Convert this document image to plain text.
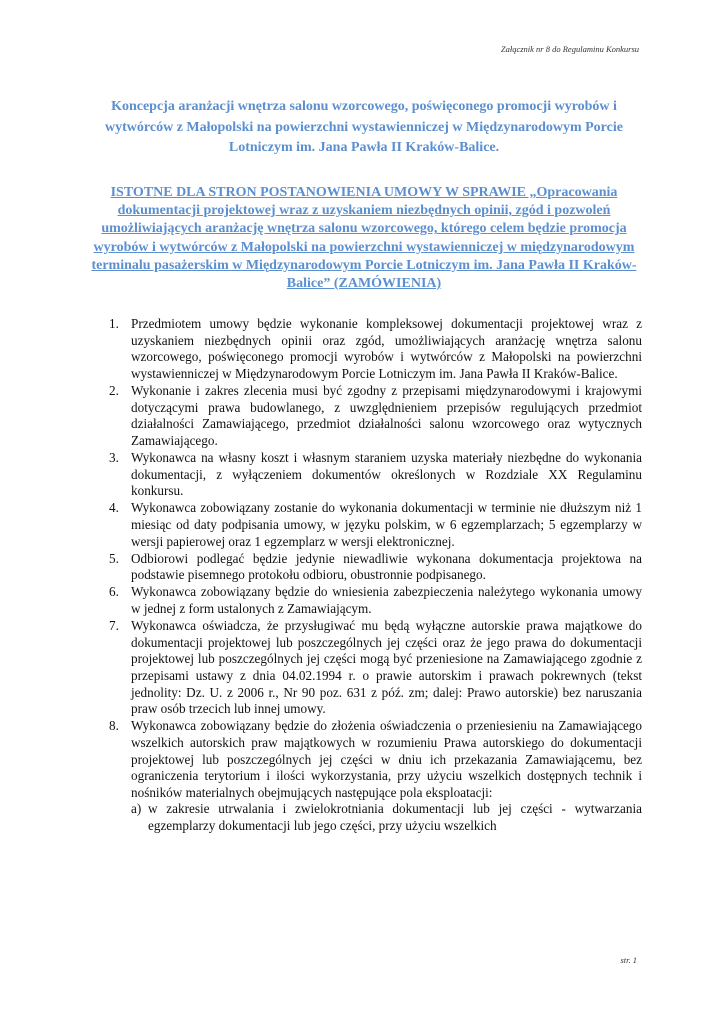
Załącznik nr 8 do Regulaminu Konkursu
Koncepcja aranżacji wnętrza salonu wzorcowego, poświęconego promocji wyrobów i wytwórców z Małopolski na powierzchni wystawienniczej w Międzynarodowym Porcie Lotniczym im. Jana Pawła II Kraków-Balice.
ISTOTNE DLA STRON POSTANOWIENIA UMOWY W SPRAWIE „Opracowania dokumentacji projektowej wraz z uzyskaniem niezbędnych opinii, zgód i pozwoleń umożliwiających aranżację wnętrza salonu wzorcowego, którego celem będzie promocja wyrobów i wytwórców z Małopolski na powierzchni wystawienniczej w międzynarodowym terminalu pasażerskim w Międzynarodowym Porcie Lotniczym im. Jana Pawła II Kraków-Balice” (ZAMÓWIENIA)
1. Przedmiotem umowy będzie wykonanie kompleksowej dokumentacji projektowej wraz z uzyskaniem niezbędnych opinii oraz zgód, umożliwiających aranżację wnętrza salonu wzorcowego, poświęconego promocji wyrobów i wytwórców z Małopolski na powierzchni wystawienniczej w Międzynarodowym Porcie Lotniczym im. Jana Pawła II Kraków-Balice.
2. Wykonanie i zakres zlecenia musi być zgodny z przepisami międzynarodowymi i krajowymi dotyczącymi prawa budowlanego, z uwzględnieniem przepisów regulujących przedmiot działalności Zamawiającego, przedmiot działalności salonu wzorcowego oraz wytycznych Zamawiającego.
3. Wykonawca na własny koszt i własnym staraniem uzyska materiały niezbędne do wykonania dokumentacji, z wyłączeniem dokumentów określonych w Rozdziale XX Regulaminu konkursu.
4. Wykonawca zobowiązany zostanie do wykonania dokumentacji w terminie nie dłuższym niż 1 miesiąc od daty podpisania umowy, w języku polskim, w 6 egzemplarzach; 5 egzemplarzy w wersji papierowej oraz 1 egzemplarz w wersji elektronicznej.
5. Odbiorowi podlegać będzie jedynie niewadliwie wykonana dokumentacja projektowa na podstawie pisemnego protokołu odbioru, obustronnie podpisanego.
6. Wykonawca zobowiązany będzie do wniesienia zabezpieczenia należytego wykonania umowy w jednej z form ustalonych z Zamawiającym.
7. Wykonawca oświadcza, że przysługiwać mu będą wyłączne autorskie prawa majątkowe do dokumentacji projektowej lub poszczególnych jej części oraz że jego prawa do dokumentacji projektowej lub poszczególnych jej części mogą być przeniesione na Zamawiającego zgodnie z przepisami ustawy z dnia 04.02.1994 r. o prawie autorskim i prawach pokrewnych (tekst jednolity: Dz. U. z 2006 r., Nr 90 poz. 631 z póź. zm; dalej: Prawo autorskie) bez naruszania praw osób trzecich lub innej umowy.
8. Wykonawca zobowiązany będzie do złożenia oświadczenia o przeniesieniu na Zamawiającego wszelkich autorskich praw majątkowych w rozumieniu Prawa autorskiego do dokumentacji projektowej lub poszczególnych jej części w dniu ich przekazania Zamawiającemu, bez ograniczenia terytorium i ilości wykorzystania, przy użyciu wszelkich dostępnych technik i nośników materialnych obejmujących następujące pola eksploatacji:
a) w zakresie utrwalania i zwielokrotniania dokumentacji lub jej części - wytwarzania egzemplarzy dokumentacji lub jego części, przy użyciu wszelkich
str. 1
